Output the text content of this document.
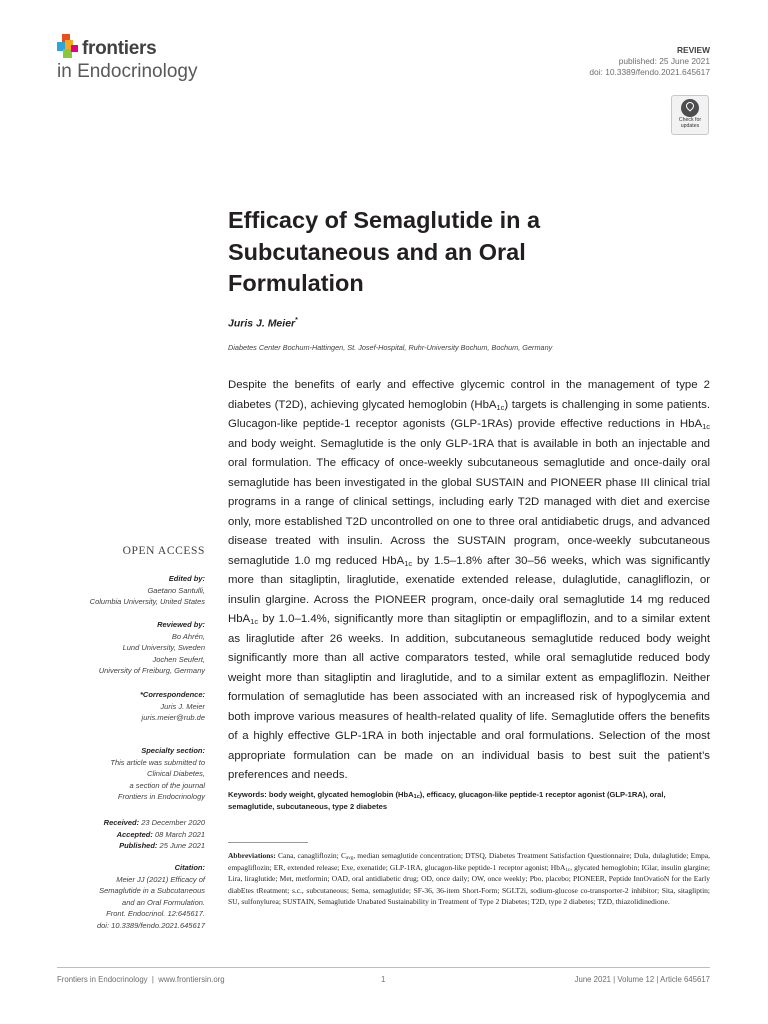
frontiers
in Endocrinology
REVIEW
published: 25 June 2021
doi: 10.3389/fendo.2021.645617
Check for
updates
Efficacy of Semaglutide in a Subcutaneous and an Oral Formulation
Juris J. Meier*
Diabetes Center Bochum-Hattingen, St. Josef-Hospital, Ruhr-University Bochum, Bochum, Germany

Despite the benefits of early and effective glycemic control in the management of type 2 diabetes (T2D), achieving glycated hemoglobin (HbA$_{1c}$) targets is challenging in some patients. Glucagon-like peptide-1 receptor agonists (GLP-1RAs) provide effective reductions in HbA$_{1c}$ and body weight. Semaglutide is the only GLP-1RA that is available in both an injectable and oral formulation. The efficacy of once-weekly subcutaneous semaglutide and once-daily oral semaglutide has been investigated in the global SUSTAIN and PIONEER phase III clinical trial programs in a range of clinical settings, including early T2D managed with diet and exercise only, more established T2D uncontrolled on one to three oral antidiabetic drugs, and advanced disease treated with insulin. Across the SUSTAIN program, once-weekly subcutaneous semaglutide 1.0 mg reduced HbA$_{1c}$ by 1.5–1.8% after 30–56 weeks, which was significantly more than sitagliptin, liraglutide, exenatide extended release, dulaglutide, canagliflozin, or insulin glargine. Across the PIONEER program, once-daily oral semaglutide 14 mg reduced HbA$_{1c}$ by 1.0–1.4%, significantly more than sitagliptin or empagliflozin, and to a similar extent as liraglutide after 26 weeks. In addition, subcutaneous semaglutide reduced body weight significantly more than all active comparators tested, while oral semaglutide reduced body weight more than sitagliptin and liraglutide, and to a similar extent as empagliflozin. Neither formulation of semaglutide has been associated with an increased risk of hypoglycemia and both improve various measures of health-related quality of life. Semaglutide offers the benefits of a highly effective GLP-1RA in both injectable and oral formulations. Selection of the most appropriate formulation can be made on an individual basis to best suit the patient’s preferences and needs.

Keywords: body weight, glycated hemoglobin (HbA$_{1c}$), efficacy, glucagon-like peptide-1 receptor agonist (GLP-1RA), oral, semaglutide, subcutaneous, type 2 diabetes

Abbreviations: Cana, canagliflozin; $C_{avg}$, median semaglutide concentration; DTSQ, Diabetes Treatment Satisfaction Questionnaire; Dula, dulaglutide; Empa, empagliflozin; ER, extended release; Exe, exenatide; GLP-1RA, glucagon-like peptide-1 receptor agonist; HbA$_{1c}$, glycated hemoglobin; IGlar, insulin glargine; Lira, liraglutide; Met, metformin; OAD, oral antidiabetic drug; OD, once daily; OW, once weekly; Pbo, placebo; PIONEER, Peptide InnOvatioN for the Early diabEtes tReatment; s.c., subcutaneous; Sema, semaglutide; SF-36, 36-item Short-Form; SGLT2i, sodium-glucose co-transporter-2 inhibitor; Sita, sitagliptin; SU, sulfonylurea; SUSTAIN, Semaglutide Unabated Sustainability in Treatment of Type 2 Diabetes; T2D, type 2 diabetes; TZD, thiazolidinedione.

OPEN ACCESS
Edited by:
Gaetano Santulli,
Columbia University, United States
Reviewed by:
Bo Ahrén,
Lund University, Sweden
Jochen Seufert,
University of Freiburg, Germany
*Correspondence:
Juris J. Meier
juris.meier@rub.de
Specialty section:
This article was submitted to
Clinical Diabetes,
a section of the journal
Frontiers in Endocrinology
Received: 23 December 2020
Accepted: 08 March 2021
Published: 25 June 2021
Citation:
Meier JJ (2021) Efficacy of
Semaglutide in a Subcutaneous
and an Oral Formulation.
Front. Endocrinol. 12:645617.
doi: 10.3389/fendo.2021.645617
Frontiers in Endocrinology | www.frontiersin.org	1	June 2021 | Volume 12 | Article 645617
